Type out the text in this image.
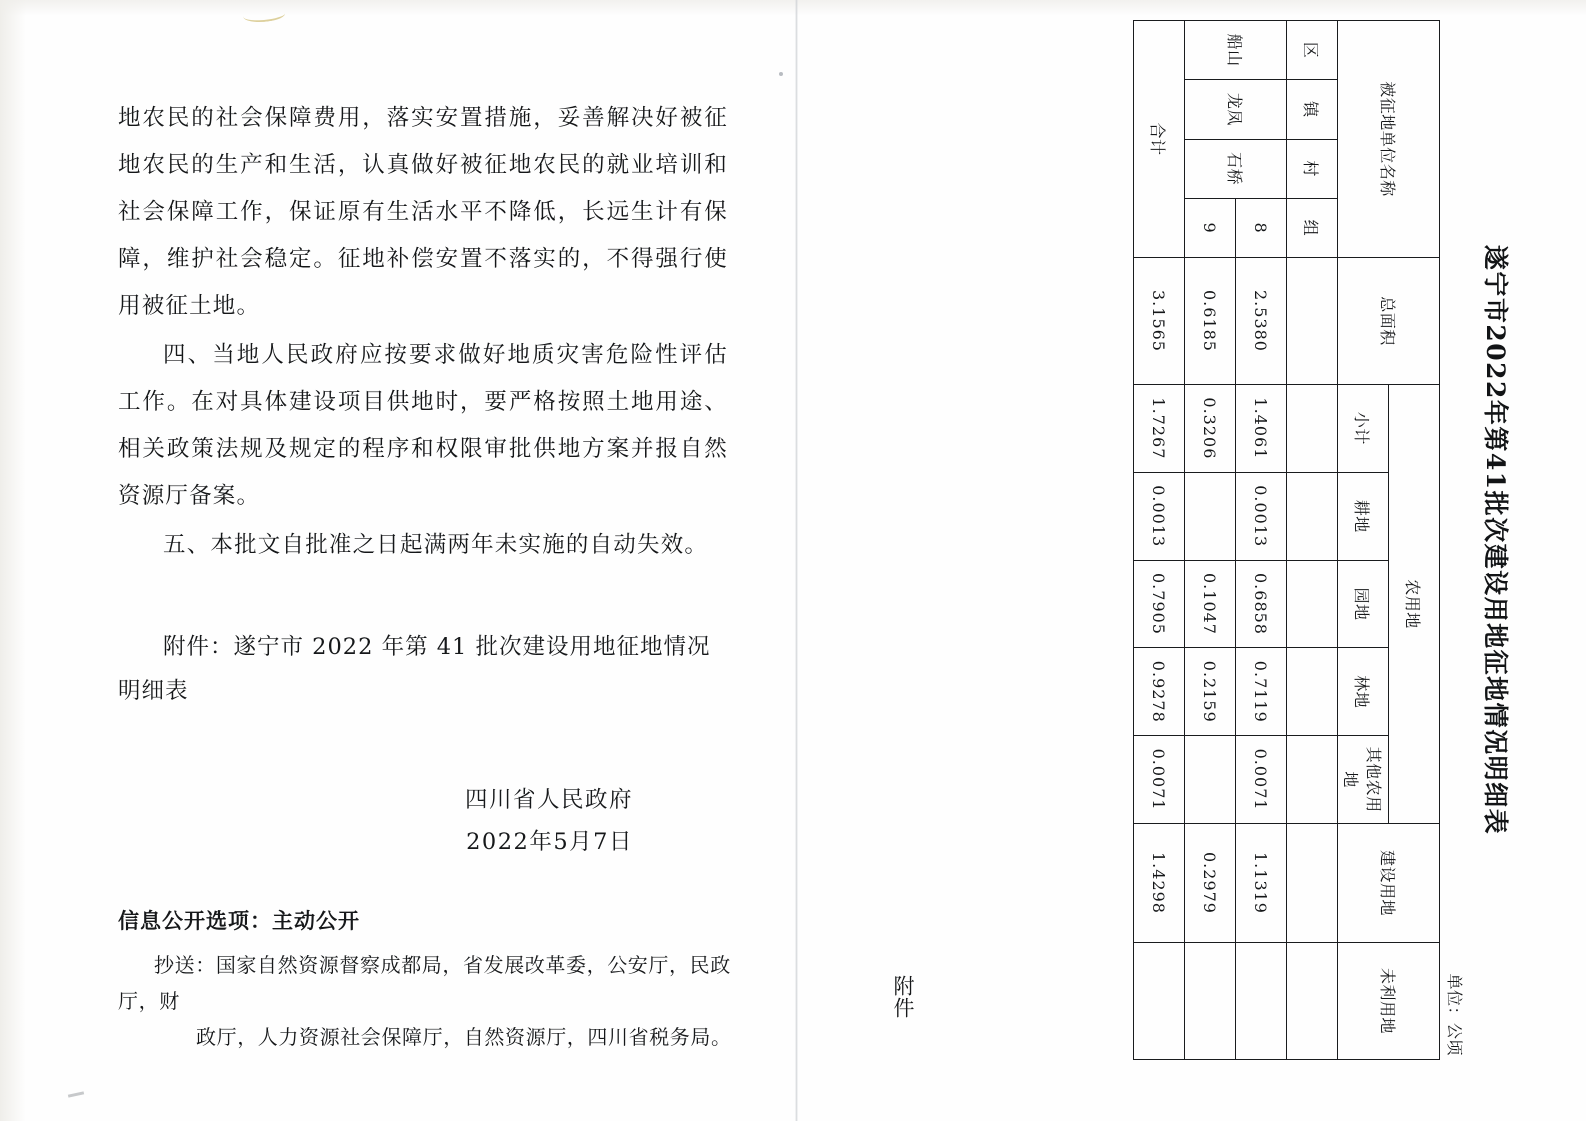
地农民的社会保障费用，落实安置措施，妥善解决好被征地农民的生产和生活，认真做好被征地农民的就业培训和社会保障工作，保证原有生活水平不降低，长远生计有保障，维护社会稳定。征地补偿安置不落实的，不得强行使用被征土地。

四、当地人民政府应按要求做好地质灾害危险性评估工作。在对具体建设项目供地时，要严格按照土地用途、相关政策法规及规定的程序和权限审批供地方案并报自然资源厅备案。

五、本批文自批准之日起满两年未实施的自动失效。

附件：遂宁市 2022 年第 41 批次建设用地征地情况明细表
四川省人民政府
2022年5月7日
信息公开选项：主动公开
抄送：国家自然资源督察成都局，省发展改革委，公安厅，民政厅，财
政厅，人力资源社会保障厅，自然资源厅，四川省税务局。
附件
遂宁市2022年第41批次建设用地征地情况明细表
单位：公顷
被征地单位名称				总面积	农用地					建设用地	未利用地
					小计	耕地	园地	林地	其他农用地		
区	镇	村	组								
船山	龙凤	石桥	8	2.5380	1.4061	0.0013	0.6858	0.7119	0.0071	1.1319	
			9	0.6185	0.3206		0.1047	0.2159		0.2979	
合计				3.1565	1.7267	0.0013	0.7905	0.9278	0.0071	1.4298	
